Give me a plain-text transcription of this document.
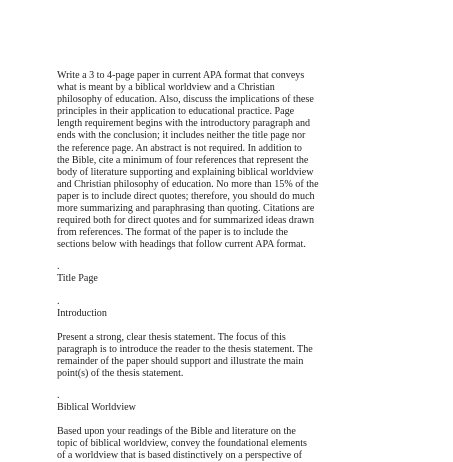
Write a 3 to 4-page paper in current APA format that conveys
what is meant by a biblical worldview and a Christian
philosophy of education. Also, discuss the implications of these
principles in their application to educational practice. Page
length requirement begins with the introductory paragraph and
ends with the conclusion; it includes neither the title page nor
the reference page. An abstract is not required. In addition to
the Bible, cite a minimum of four references that represent the
body of literature supporting and explaining biblical worldview
and Christian philosophy of education. No more than 15% of the
paper is to include direct quotes; therefore, you should do much
more summarizing and paraphrasing than quoting. Citations are
required both for direct quotes and for summarized ideas drawn
from references. The format of the paper is to include the
sections below with headings that follow current APA format.

.

Title Page

.

Introduction

Present a strong, clear thesis statement. The focus of this
paragraph is to introduce the reader to the thesis statement. The
remainder of the paper should support and illustrate the main
point(s) of the thesis statement.

.

Biblical Worldview

Based upon your readings of the Bible and literature on the
topic of biblical worldview, convey the foundational elements
of a worldview that is based distinctively on a perspective of
